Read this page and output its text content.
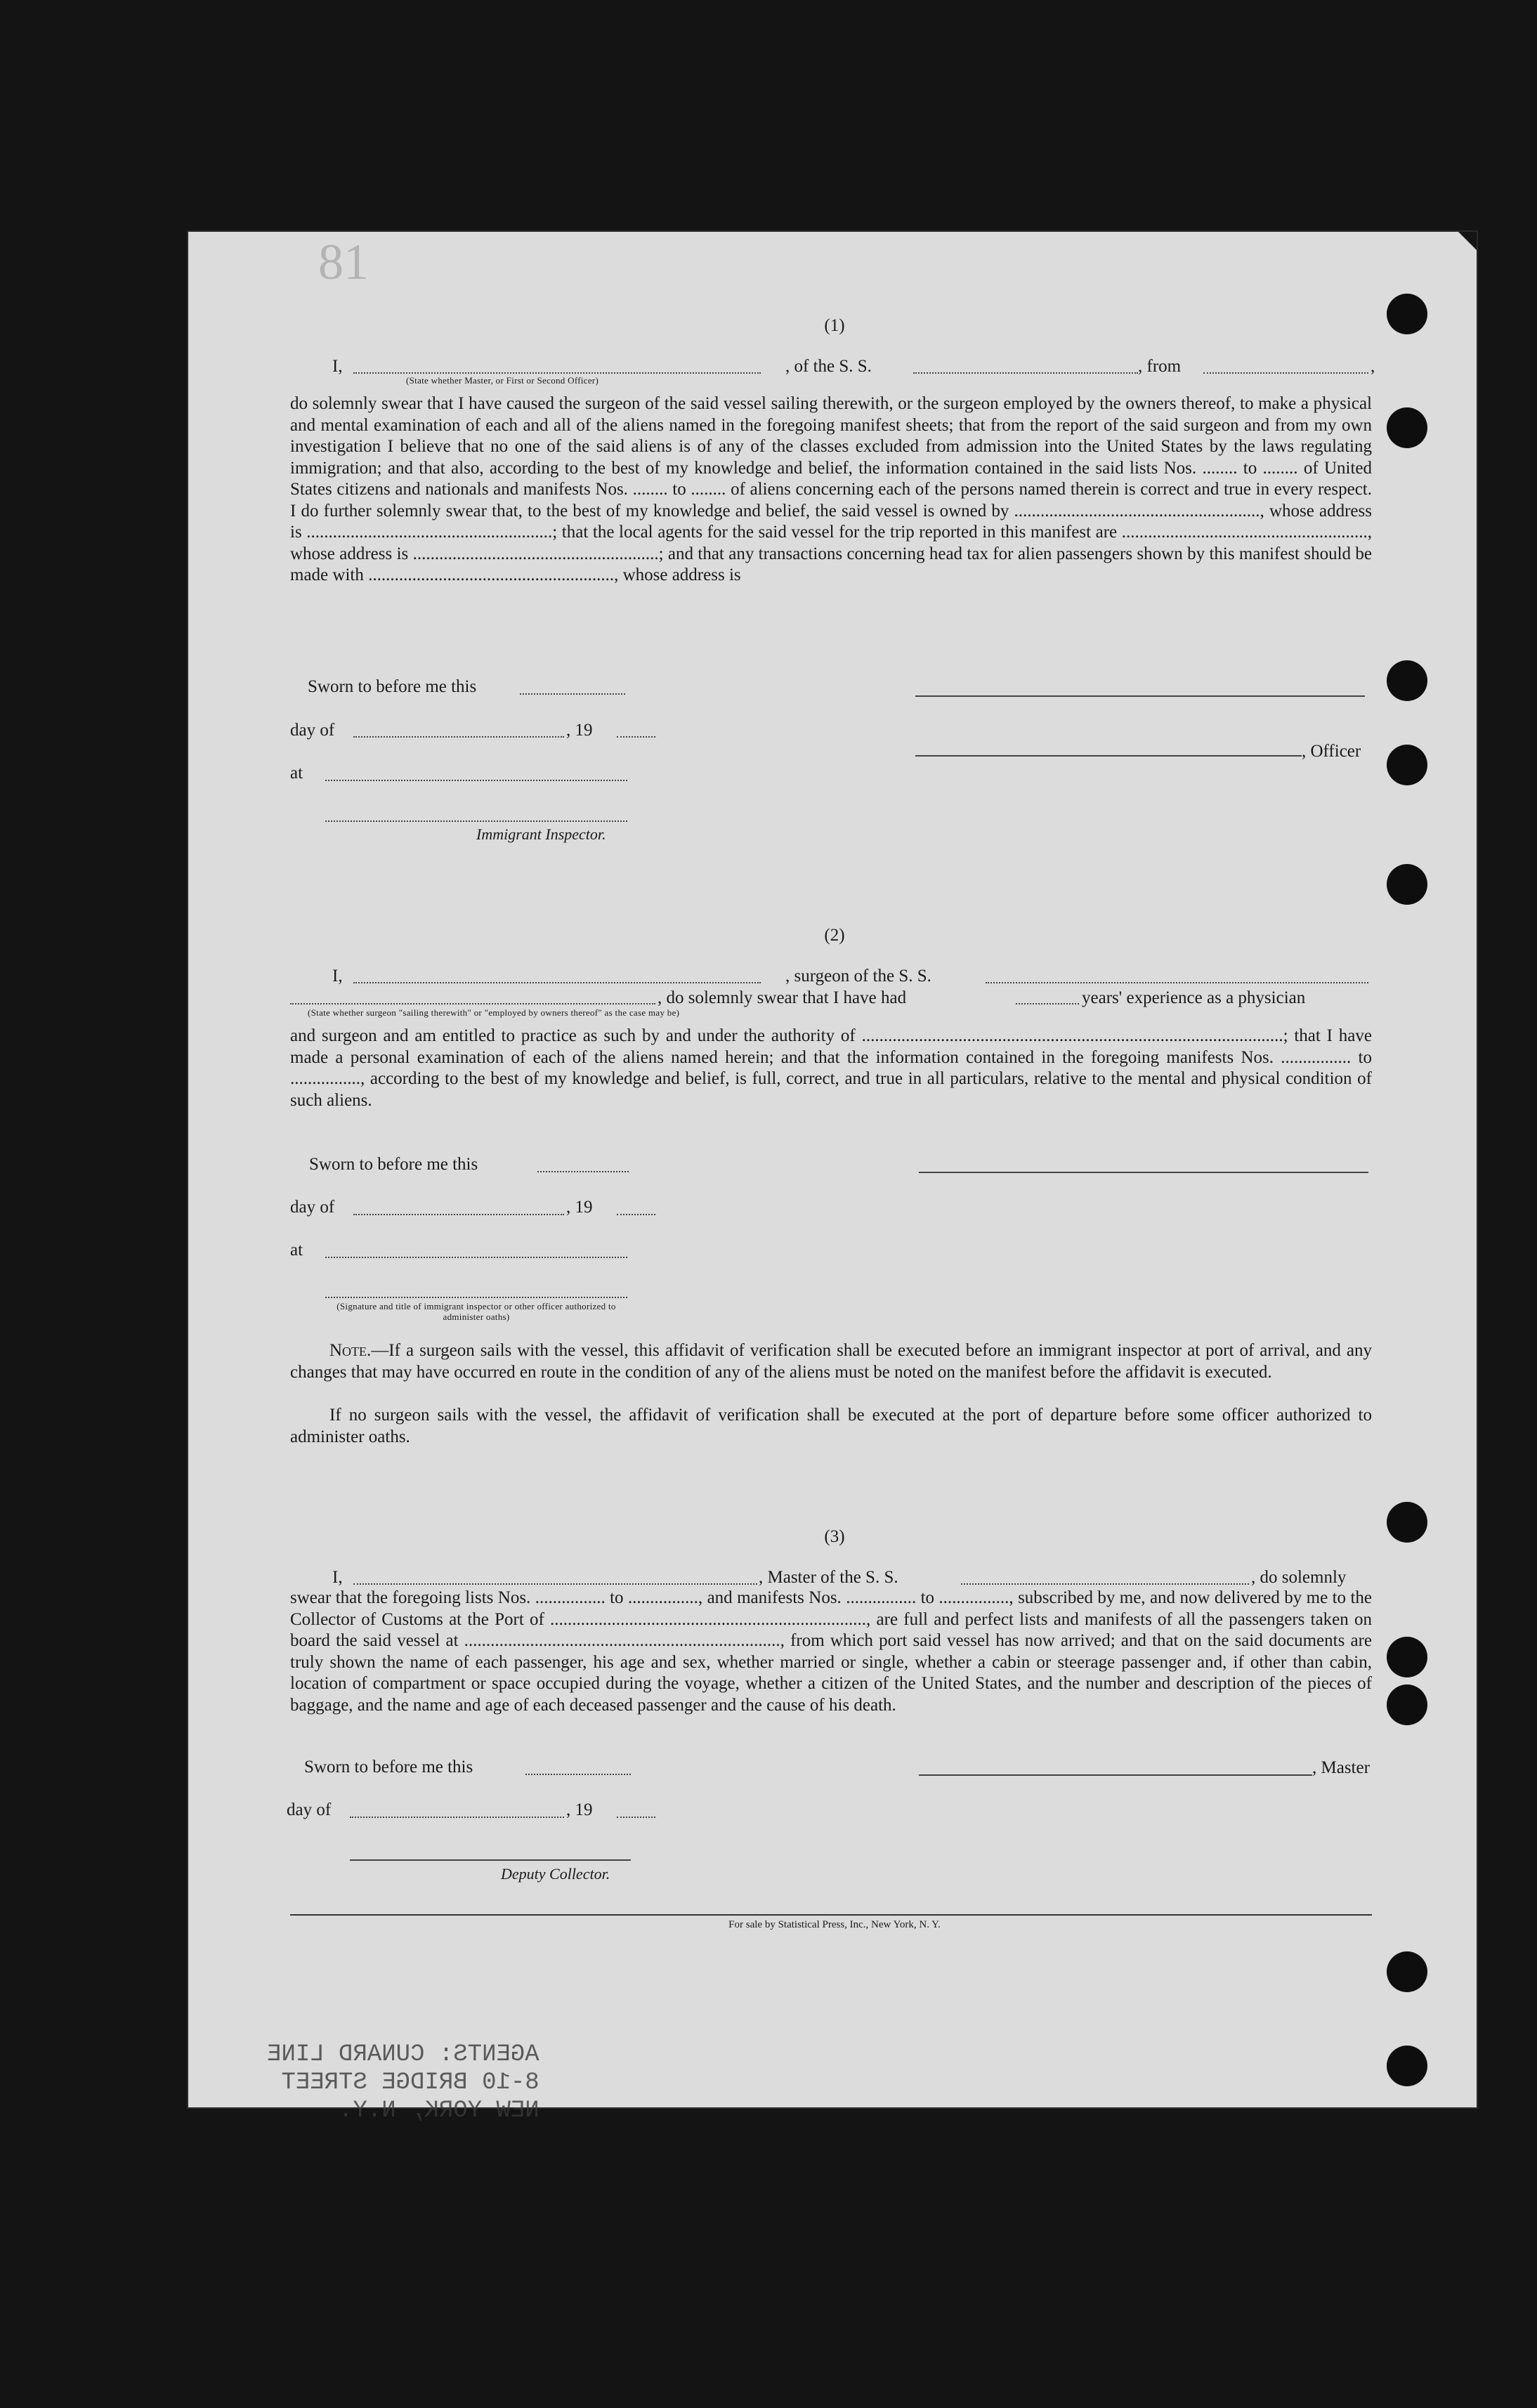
81
(1)
I,	, of the S. S.	, from	,
(State whether Master, or First or Second Officer)
do solemnly swear that I have caused the surgeon of the said vessel sailing therewith, or the surgeon employed by the owners thereof, to make a physical and mental examination of each and all of the aliens named in the foregoing manifest sheets; that from the report of the said surgeon and from my own investigation I believe that no one of the said aliens is of any of the classes excluded from admission into the United States by the laws regulating immigration; and that also, according to the best of my knowledge and belief, the information contained in the said lists Nos. ........ to ........ of United States citizens and nationals and manifests Nos. ........ to ........ of aliens concerning each of the persons named therein is correct and true in every respect. I do further solemnly swear that, to the best of my knowledge and belief, the said vessel is owned by ........................................................, whose address is ........................................................; that the local agents for the said vessel for the trip reported in this manifest are ........................................................, whose address is ........................................................; and that any transactions concerning head tax for alien passengers shown by this manifest should be made with ........................................................, whose address is
Sworn to before me this
day of	, 19
at
Immigrant Inspector.
, Officer
(2)
I,	, surgeon of the S. S.
, do solemnly swear that I have had	years' experience as a physician
(State whether surgeon "sailing therewith" or "employed by owners thereof" as the case may be)
and surgeon and am entitled to practice as such by and under the authority of ................................................................................................; that I have made a personal examination of each of the aliens named herein; and that the information contained in the foregoing manifests Nos. ................ to ................, according to the best of my knowledge and belief, is full, correct, and true in all particulars, relative to the mental and physical condition of such aliens.
Sworn to before me this
day of	, 19
at
(Signature and title of immigrant inspector or other officer authorized to administer oaths)
Note.—If a surgeon sails with the vessel, this affidavit of verification shall be executed before an immigrant inspector at port of arrival, and any changes that may have occurred en route in the condition of any of the aliens must be noted on the manifest before the affidavit is executed.
If no surgeon sails with the vessel, the affidavit of verification shall be executed at the port of departure before some officer authorized to administer oaths.
(3)
I,	, Master of the S. S.	, do solemnly
swear that the foregoing lists Nos. ................ to ................, and manifests Nos. ................ to ................, subscribed by me, and now delivered by me to the Collector of Customs at the Port of ........................................................................, are full and perfect lists and manifests of all the passengers taken on board the said vessel at ........................................................................, from which port said vessel has now arrived; and that on the said documents are truly shown the name of each passenger, his age and sex, whether married or single, whether a cabin or steerage passenger and, if other than cabin, location of compartment or space occupied during the voyage, whether a citizen of the United States, and the number and description of the pieces of baggage, and the name and age of each deceased passenger and the cause of his death.
Sworn to before me this
day of	, 19
Deputy Collector.
, Master
For sale by Statistical Press, Inc., New York, N. Y.
AGENTS: CUNARD LINE
8-10 BRIDGE STREET
NEW YORK, N.Y.
